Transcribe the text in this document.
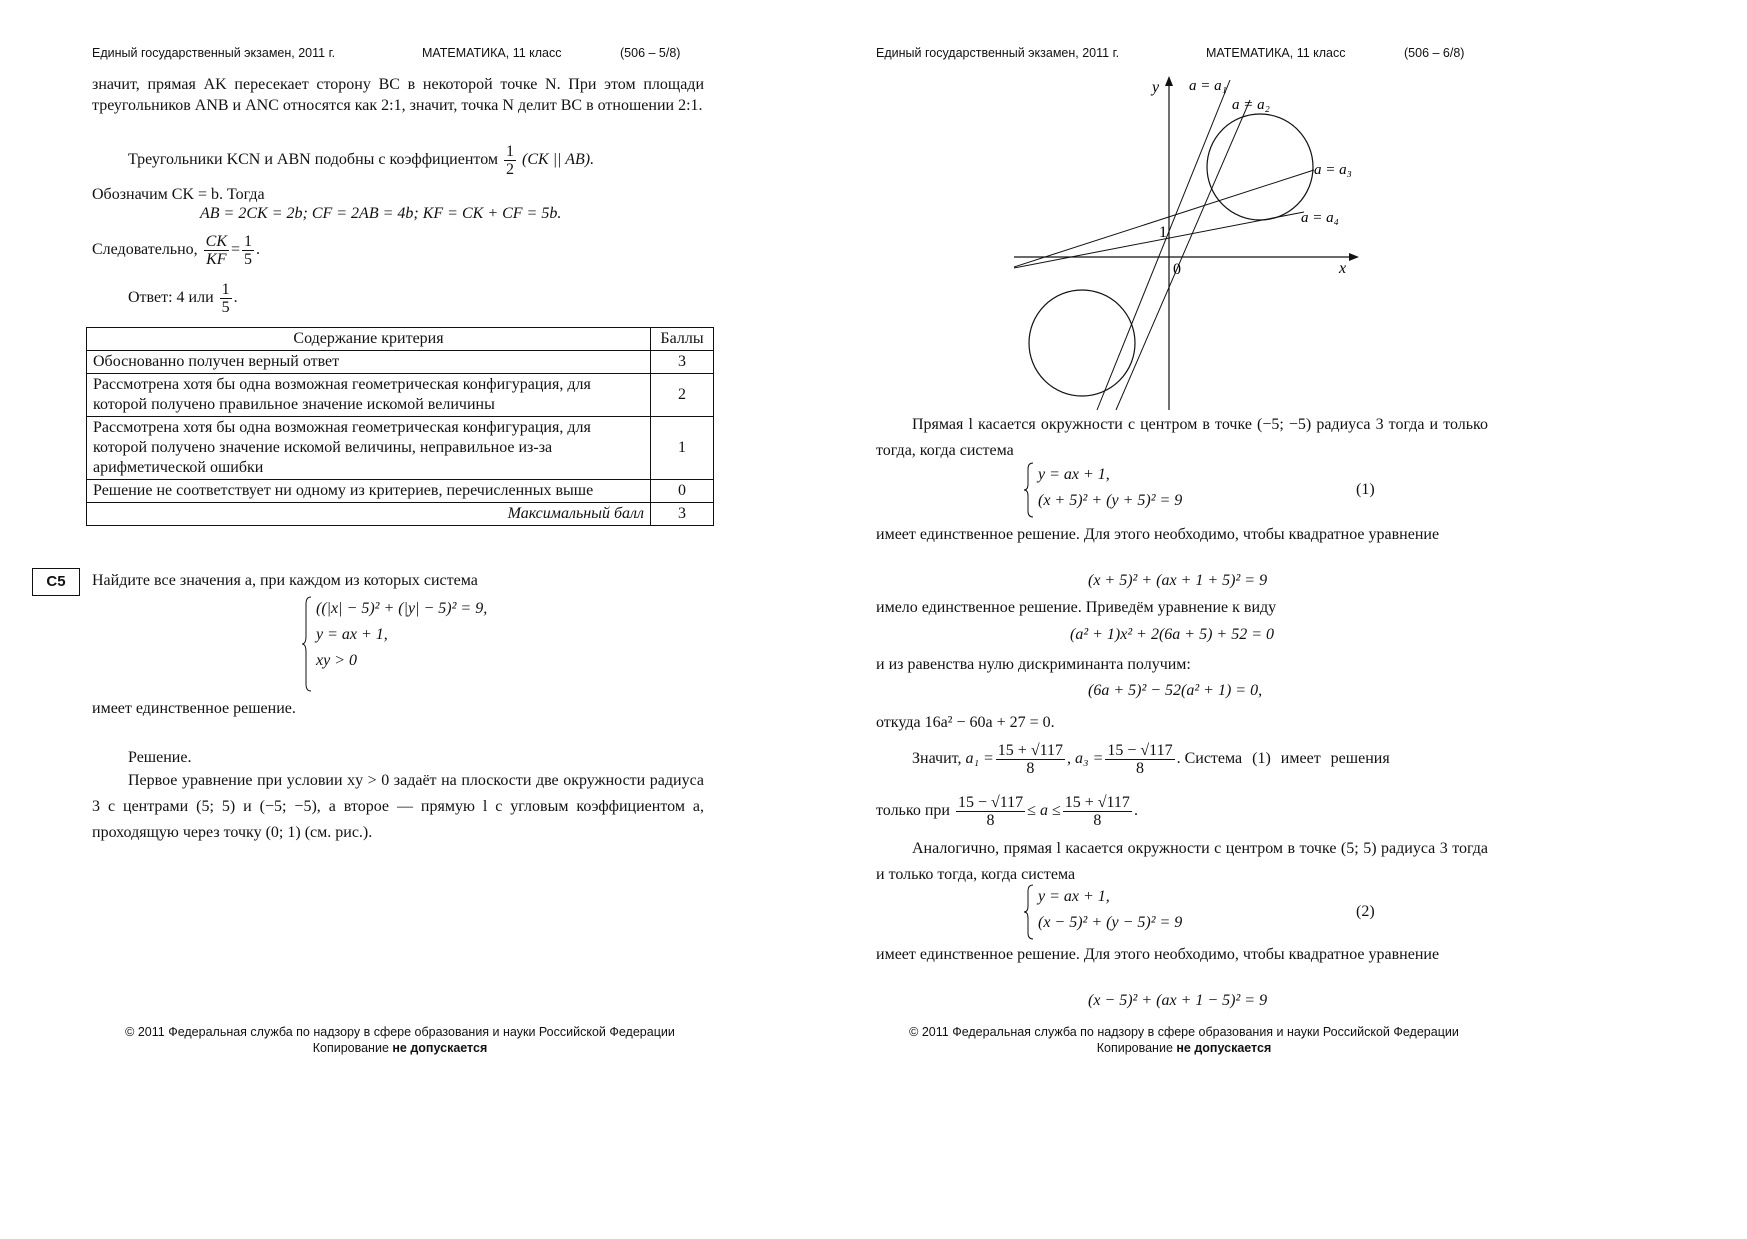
Единый государственный экзамен, 2011 г.	МАТЕМАТИКА, 11 класс	(506 – 5/8)
значит, прямая AK пересекает сторону BC в некоторой точке N. При этом площади треугольников ANB и ANC относятся как 2:1, значит, точка N делит BC в отношении 2:1.
Треугольники KCN и ABN подобны с коэффициентом $\frac{1}{2} (CK$ || AB).
Обозначим CK = b. Тогда
AB = 2CK = 2b; CF = 2AB = 4b; KF = CK + CF = 5b.
Следовательно, $\frac{CK}{KF} = \frac{1}{5}$ .
Ответ: 4 или $\frac{1}{5}$ .
Содержание критерия	Баллы
Обоснованно получен верный ответ	3
Рассмотрена хотя бы одна возможная геометрическая конфигурация, для которой получено правильное значение искомой величины	2
Рассмотрена хотя бы одна возможная геометрическая конфигурация, для которой получено значение искомой величины, неправильное из-за арифметической ошибки	1
Решение не соответствует ни одному из критериев, перечисленных выше	0
Максимальный балл	3
C5	Найдите все значения a, при каждом из которых система
((|x| − 5)² + (|y| − 5)² = 9,
y = ax + 1,
xy > 0
имеет единственное решение.
Решение.
Первое уравнение при условии xy > 0 задаёт на плоскости две окружности радиуса 3 с центрами (5; 5) и (−5; −5), а второе — прямую l с угловым коэффициентом a, проходящую через точку (0; 1) (см. рис.).
© 2011 Федеральная служба по надзору в сфере образования и науки Российской Федерации
Копирование не допускается
Единый государственный экзамен, 2011 г.	МАТЕМАТИКА, 11 класс	(506 – 6/8)
y
x
0
1
a = a₁
a = a₂
a = a₃
a = a₄
Прямая l касается окружности с центром в точке (−5; −5) радиуса 3 тогда и только тогда, когда система
y = ax + 1,
(x + 5)² + (y + 5)² = 9
(1)
имеет единственное решение. Для этого необходимо, чтобы квадратное уравнение
(x + 5)² + (ax + 1 + 5)² = 9
имело единственное решение. Приведём уравнение к виду
(a² + 1)x² + 2(6a + 5) + 52 = 0
и из равенства нулю дискриминанта получим:
(6a + 5)² − 52(a² + 1) = 0,
откуда 16a² − 60a + 27 = 0.
Значит, $a_1 = \frac{15 + √117}{8}$ , $a_3 = \frac{15 - √117}{8}$ . Система (1) имеет решения
только при $\frac{15 - √117}{8} \le a \le \frac{15 + √117}{8}$ .
Аналогично, прямая l касается окружности с центром в точке (5; 5) радиуса 3 тогда и только тогда, когда система
y = ax + 1,
(x − 5)² + (y − 5)² = 9
(2)
имеет единственное решение. Для этого необходимо, чтобы квадратное уравнение
(x − 5)² + (ax + 1 − 5)² = 9
© 2011 Федеральная служба по надзору в сфере образования и науки Российской Федерации
Копирование не допускается
